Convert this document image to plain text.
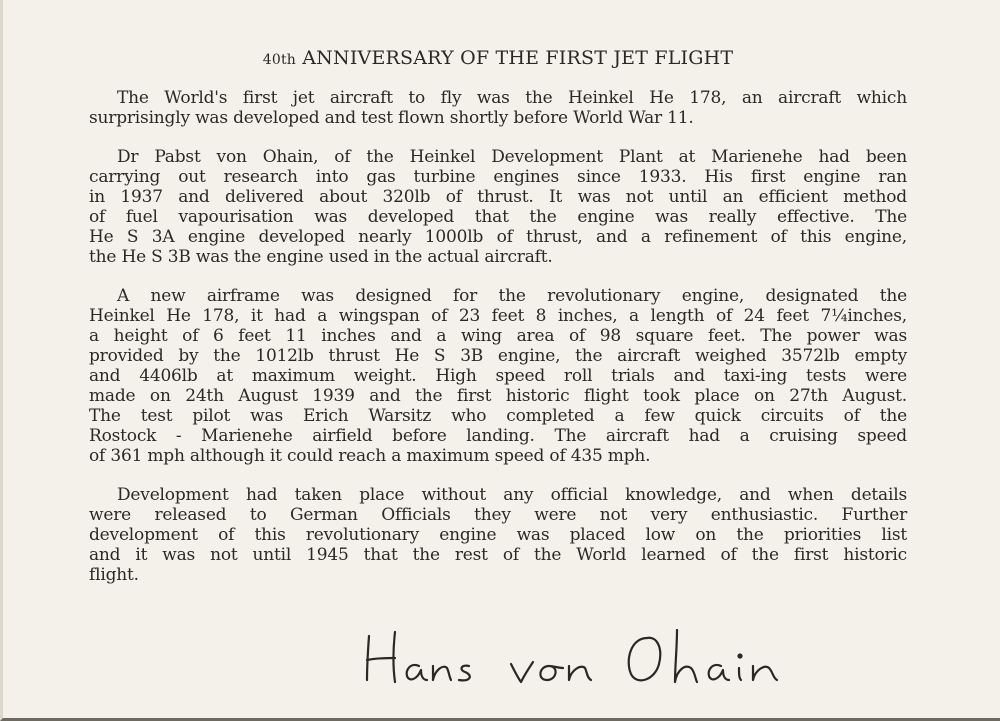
40th ANNIVERSARY OF THE FIRST JET FLIGHT
The World's first jet aircraft to fly was the Heinkel He 178, an aircraft which
surprisingly was developed and test flown shortly before World War 11.
Dr Pabst von Ohain, of the Heinkel Development Plant at Marienehe had been
carrying out research into gas turbine engines since 1933. His first engine ran
in 1937 and delivered about 320lb of thrust. It was not until an efficient method
of fuel vapourisation was developed that the engine was really effective. The
He S 3A engine developed nearly 1000lb of thrust, and a refinement of this engine,
the He S 3B was the engine used in the actual aircraft.
A new airframe was designed for the revolutionary engine, designated the
Heinkel He 178, it had a wingspan of 23 feet 8 inches, a length of 24 feet 7¼inches,
a height of 6 feet 11 inches and a wing area of 98 square feet. The power was
provided by the 1012lb thrust He S 3B engine, the aircraft weighed 3572lb empty
and 4406lb at maximum weight. High speed roll trials and taxi-ing tests were
made on 24th August 1939 and the first historic flight took place on 27th August.
The test pilot was Erich Warsitz who completed a few quick circuits of the
Rostock - Marienehe airfield before landing. The aircraft had a cruising speed
of 361 mph although it could reach a maximum speed of 435 mph.
Development had taken place without any official knowledge, and when details
were released to German Officials they were not very enthusiastic. Further
development of this revolutionary engine was placed low on the priorities list
and it was not until 1945 that the rest of the World learned of the first historic
flight.
